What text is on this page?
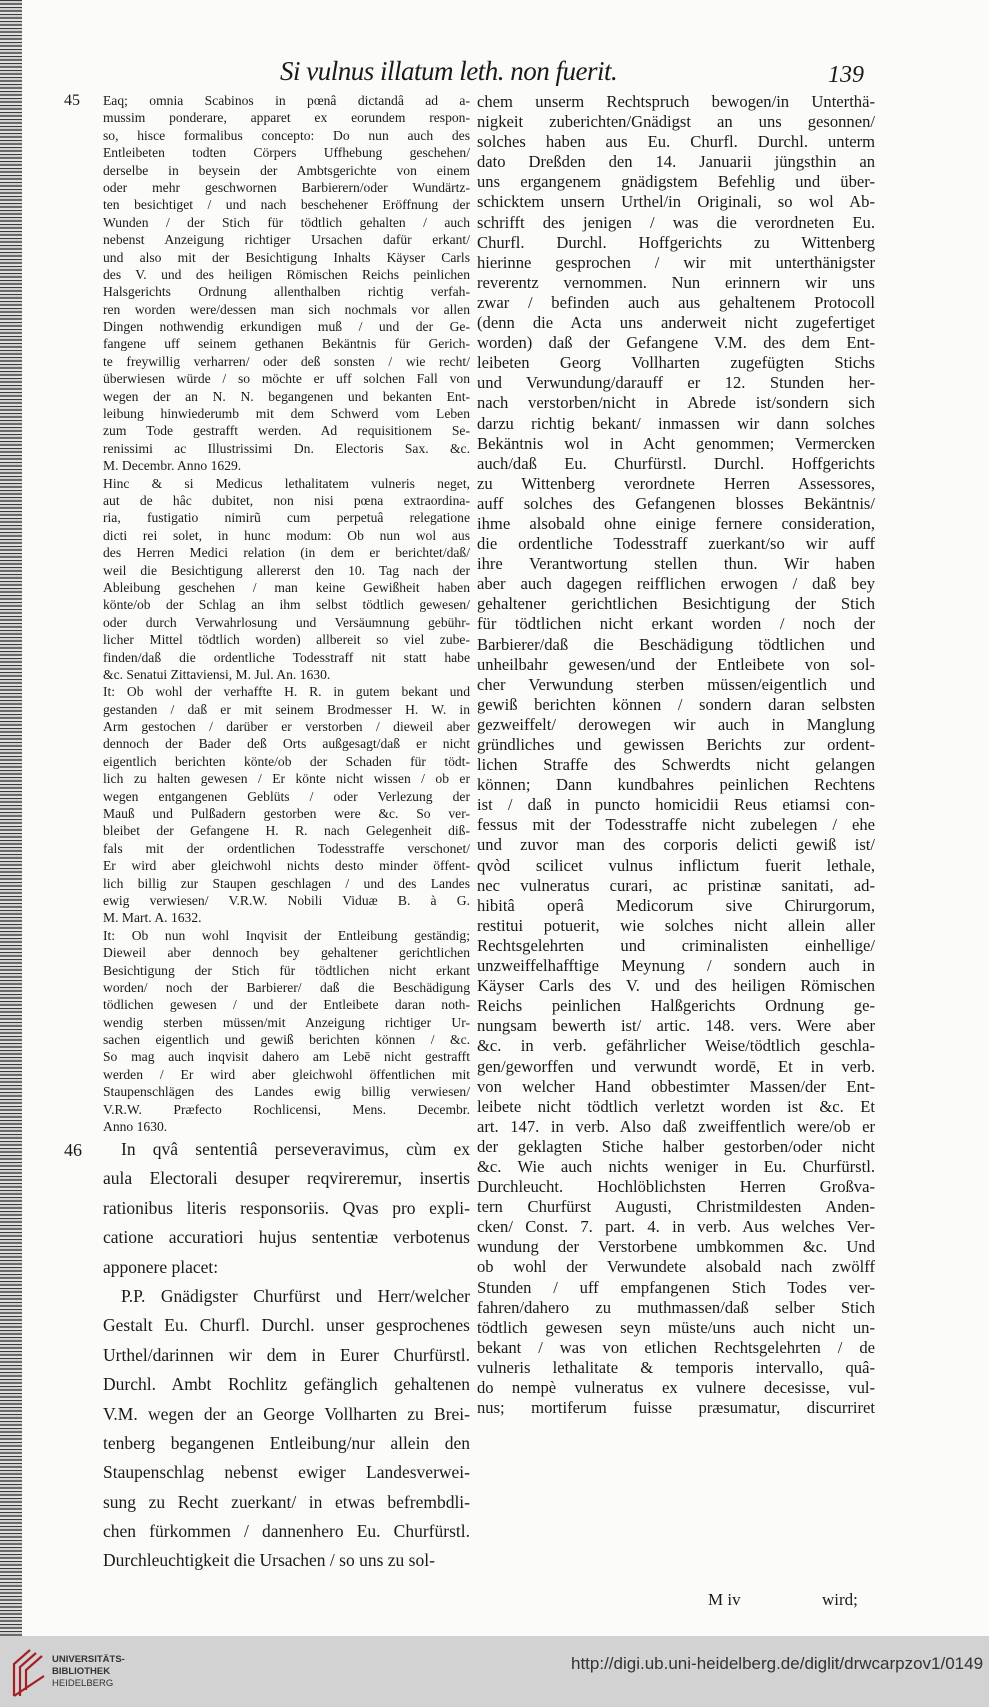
Si vulnus illatum leth. non fuerit.	139
45
46
Eaq; omnia Scabinos in pœnâ dictandâ ad a-
mussim ponderare, apparet ex eorundem respon-
so, hisce formalibus concepto: Do nun auch des
Entleibeten todten Cörpers Uffhebung geschehen/
derselbe in beysein der Ambtsgerichte von einem
oder mehr geschwornen Barbierern/oder Wundärtz-
ten besichtiget / und nach beschehener Eröffnung der
Wunden / der Stich für tödtlich gehalten / auch
nebenst Anzeigung richtiger Ursachen dafür erkant/
und also mit der Besichtigung Inhalts Käyser Carls
des V. und des heiligen Römischen Reichs peinlichen
Halsgerichts Ordnung allenthalben richtig verfah-
ren worden were/dessen man sich nochmals vor allen
Dingen nothwendig erkundigen muß / und der Ge-
fangene uff seinem gethanen Bekäntnis für Gerich-
te freywillig verharren/ oder deß sonsten / wie recht/
überwiesen würde / so möchte er uff solchen Fall von
wegen der an N. N. begangenen und bekanten Ent-
leibung hinwiederumb mit dem Schwerd vom Leben
zum Tode gestrafft werden. Ad requisitionem Se-
renissimi ac Illustrissimi Dn. Electoris Sax. &c.
M. Decembr. Anno 1629.
Hinc & si Medicus lethalitatem vulneris neget,
aut de hâc dubitet, non nisi pœna extraordina-
ria, fustigatio nimirũ cum perpetuâ relegatione
dicti rei solet, in hunc modum: Ob nun wol aus
des Herren Medici relation (in dem er berichtet/daß/
weil die Besichtigung allererst den 10. Tag nach der
Ableibung geschehen / man keine Gewißheit haben
könte/ob der Schlag an ihm selbst tödtlich gewesen/
oder durch Verwahrlosung und Versäumnung gebühr-
licher Mittel tödtlich worden) allbereit so viel zube-
finden/daß die ordentliche Todesstraff nit statt habe
&c. Senatui Zittaviensi, M. Jul. An. 1630.
It: Ob wohl der verhaffte H. R. in gutem bekant und
gestanden / daß er mit seinem Brodmesser H. W. in
Arm gestochen / darüber er verstorben / dieweil aber
dennoch der Bader deß Orts außgesagt/daß er nicht
eigentlich berichten könte/ob der Schaden für tödt-
lich zu halten gewesen / Er könte nicht wissen / ob er
wegen entgangenen Geblüts / oder Verlezung der
Mauß und Pulßadern gestorben were &c. So ver-
bleibet der Gefangene H. R. nach Gelegenheit diß-
fals mit der ordentlichen Todesstraffe verschonet/
Er wird aber gleichwohl nichts desto minder öffent-
lich billig zur Staupen geschlagen / und des Landes
ewig verwiesen/ V.R.W. Nobili Viduæ B. à G.
M. Mart. A. 1632.
It: Ob nun wohl Inqvisit der Entleibung geständig;
Dieweil aber dennoch bey gehaltener gerichtlichen
Besichtigung der Stich für tödtlichen nicht erkant
worden/ noch der Barbierer/ daß die Beschädigung
tödlichen gewesen / und der Entleibete daran noth-
wendig sterben müssen/mit Anzeigung richtiger Ur-
sachen eigentlich und gewiß berichten können / &c.
So mag auch inqvisit dahero am Lebē nicht gestrafft
werden / Er wird aber gleichwohl öffentlichen mit
Staupenschlägen des Landes ewig billig verwiesen/
V.R.W. Præfecto Rochlicensi, Mens. Decembr.
Anno 1630.
In qvâ sententiâ perseveravimus, cùm ex
aula Electorali desuper reqvireremur, insertis
rationibus literis responsoriis. Qvas pro expli-
catione accuratiori hujus sententiæ verbotenus
apponere placet:
P.P. Gnädigster Churfürst und Herr/welcher
Gestalt Eu. Churfl. Durchl. unser gesprochenes
Urthel/darinnen wir dem in Eurer Churfürstl.
Durchl. Ambt Rochlitz gefänglich gehaltenen
V.M. wegen der an George Vollharten zu Brei-
tenberg begangenen Entleibung/nur allein den
Staupenschlag nebenst ewiger Landesverwei-
sung zu Recht zuerkant/ in etwas befrembdli-
chen fürkommen / dannenhero Eu. Churfürstl.
Durchleuchtigkeit die Ursachen / so uns zu sol-
chem unserm Rechtspruch bewogen/in Unterthä-
nigkeit zuberichten/Gnädigst an uns gesonnen/
solches haben aus Eu. Churfl. Durchl. unterm
dato Dreßden den 14. Januarii jüngsthin an
uns ergangenem gnädigstem Befehlig und über-
schicktem unsern Urthel/in Originali, so wol Ab-
schrifft des jenigen / was die verordneten Eu.
Churfl. Durchl. Hoffgerichts zu Wittenberg
hierinne gesprochen / wir mit unterthänigster
reverentz vernommen. Nun erinnern wir uns
zwar / befinden auch aus gehaltenem Protocoll
(denn die Acta uns anderweit nicht zugefertiget
worden) daß der Gefangene V.M. des dem Ent-
leibeten Georg Vollharten zugefügten Stichs
und Verwundung/darauff er 12. Stunden her-
nach verstorben/nicht in Abrede ist/sondern sich
darzu richtig bekant/ inmassen wir dann solches
Bekäntnis wol in Acht genommen; Vermercken
auch/daß Eu. Churfürstl. Durchl. Hoffgerichts
zu Wittenberg verordnete Herren Assessores,
auff solches des Gefangenen blosses Bekäntnis/
ihme alsobald ohne einige fernere consideration,
die ordentliche Todesstraff zuerkant/so wir auff
ihre Verantwortung stellen thun. Wir haben
aber auch dagegen reifflichen erwogen / daß bey
gehaltener gerichtlichen Besichtigung der Stich
für tödtlichen nicht erkant worden / noch der
Barbierer/daß die Beschädigung tödtlichen und
unheilbahr gewesen/und der Entleibete von sol-
cher Verwundung sterben müssen/eigentlich und
gewiß berichten können / sondern daran selbsten
gezweiffelt/ derowegen wir auch in Manglung
gründliches und gewissen Berichts zur ordent-
lichen Straffe des Schwerdts nicht gelangen
können; Dann kundbahres peinlichen Rechtens
ist / daß in puncto homicidii Reus etiamsi con-
fessus mit der Todesstraffe nicht zubelegen / ehe
und zuvor man des corporis delicti gewiß ist/
qvòd scilicet vulnus inflictum fuerit lethale,
nec vulneratus curari, ac pristinæ sanitati, ad-
hibitâ operâ Medicorum sive Chirurgorum,
restitui potuerit, wie solches nicht allein aller
Rechtsgelehrten und criminalisten einhellige/
unzweiffelhafftige Meynung / sondern auch in
Käyser Carls des V. und des heiligen Römischen
Reichs peinlichen Halßgerichts Ordnung ge-
nungsam bewerth ist/ artic. 148. vers. Were aber
&c. in verb. gefährlicher Weise/tödtlich geschla-
gen/geworffen und verwundt wordē, Et in verb.
von welcher Hand obbestimter Massen/der Ent-
leibete nicht tödtlich verletzt worden ist &c. Et
art. 147. in verb. Also daß zweiffentlich were/ob er
der geklagten Stiche halber gestorben/oder nicht
&c. Wie auch nichts weniger in Eu. Churfürstl.
Durchleucht. Hochlöblichsten Herren Großva-
tern Churfürst Augusti, Christmildesten Anden-
cken/ Const. 7. part. 4. in verb. Aus welches Ver-
wundung der Verstorbene umbkommen &c. Und
ob wohl der Verwundete alsobald nach zwölff
Stunden / uff empfangenen Stich Todes ver-
fahren/dahero zu muthmassen/daß selber Stich
tödtlich gewesen seyn müste/uns auch nicht un-
bekant / was von etlichen Rechtsgelehrten / de
vulneris lethalitate & temporis intervallo, quâ-
do nempè vulneratus ex vulnere decesisse, vul-
nus; mortiferum fuisse præsumatur, discurriret
M iv	wird;
UNIVERSITÄTS-
BIBLIOTHEK
HEIDELBERG
http://digi.ub.uni-heidelberg.de/diglit/drwcarpzov1/0149
